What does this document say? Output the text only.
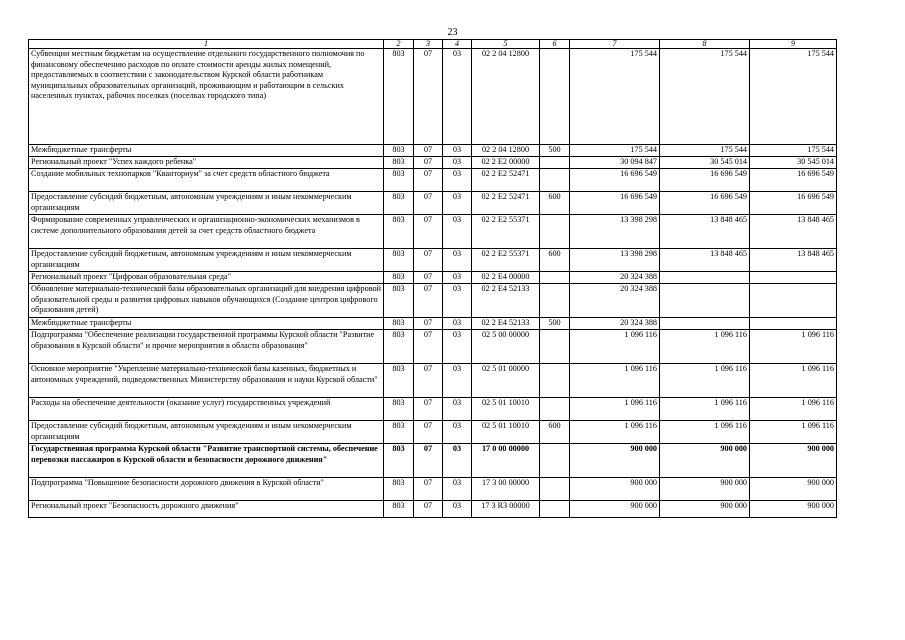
23
1	2	3	4	5	6	7	8	9
Субвенции местным бюджетам на осуществление отдельного государственного полномочия по финансовому обеспечению расходов по оплате стоимости аренды жилых помещений, предоставляемых в соответствии с законодательством Курской области работникам муниципальных образовательных организаций, проживающим и работающим в сельских населенных пунктах, рабочих поселках (поселках городского типа)	803	07	03	02 2 04 12800		175 544	175 544	175 544
Межбюджетные трансферты	803	07	03	02 2 04 12800	500	175 544	175 544	175 544
Региональный проект "Успех каждого ребенка"	803	07	03	02 2 E2 00000		30 094 847	30 545 014	30 545 014
Создание мобильных технопарков "Кванториум" за счет средств областного бюджета	803	07	03	02 2 E2 52471		16 696 549	16 696 549	16 696 549
Предоставление субсидий бюджетным, автономным учреждениям и иным некоммерческим организациям	803	07	03	02 2 E2 52471	600	16 696 549	16 696 549	16 696 549
Формирование современных управленческих и организационно-экономических механизмов в системе дополнительного образования детей за счет средств областного бюджета	803	07	03	02 2 E2 55371		13 398 298	13 848 465	13 848 465
Предоставление субсидий бюджетным, автономным учреждениям и иным некоммерческим организациям	803	07	03	02 2 E2 55371	600	13 398 298	13 848 465	13 848 465
Региональный проект "Цифровая образовательная среда"	803	07	03	02 2 E4 00000		20 324 388		
Обновление материально-технической базы образовательных организаций для внедрения цифровой образовательной среды и развития цифровых навыков обучающихся (Создание центров цифрового образования детей)	803	07	03	02 2 E4 52133		20 324 388		
Межбюджетные трансферты	803	07	03	02 2 E4 52133	500	20 324 388		
Подпрограмма "Обеспечение реализации государственной программы Курской области "Развитие образования в Курской области" и прочие мероприятия в области образования"	803	07	03	02 5 00 00000		1 096 116	1 096 116	1 096 116
Основное мероприятие "Укрепление материально-технической базы казенных, бюджетных и автономных учреждений, подведомственных Министерству образования и науки Курской области"	803	07	03	02 5 01 00000		1 096 116	1 096 116	1 096 116
Расходы на обеспечение деятельности (оказание услуг) государственных учреждений	803	07	03	02 5 01 10010		1 096 116	1 096 116	1 096 116
Предоставление субсидий бюджетным, автономным учреждениям и иным некоммерческим организациям	803	07	03	02 5 01 10010	600	1 096 116	1 096 116	1 096 116
Государственная программа Курской области "Развитие транспортной системы, обеспечение перевозки пассажиров в Курской области и безопасности дорожного движения"	803	07	03	17 0 00 00000		900 000	900 000	900 000
Подпрограмма "Повышение безопасности дорожного движения в Курской области"	803	07	03	17 3 00 00000		900 000	900 000	900 000
Региональный проект "Безопасность дорожного движения"	803	07	03	17 3 R3 00000		900 000	900 000	900 000
